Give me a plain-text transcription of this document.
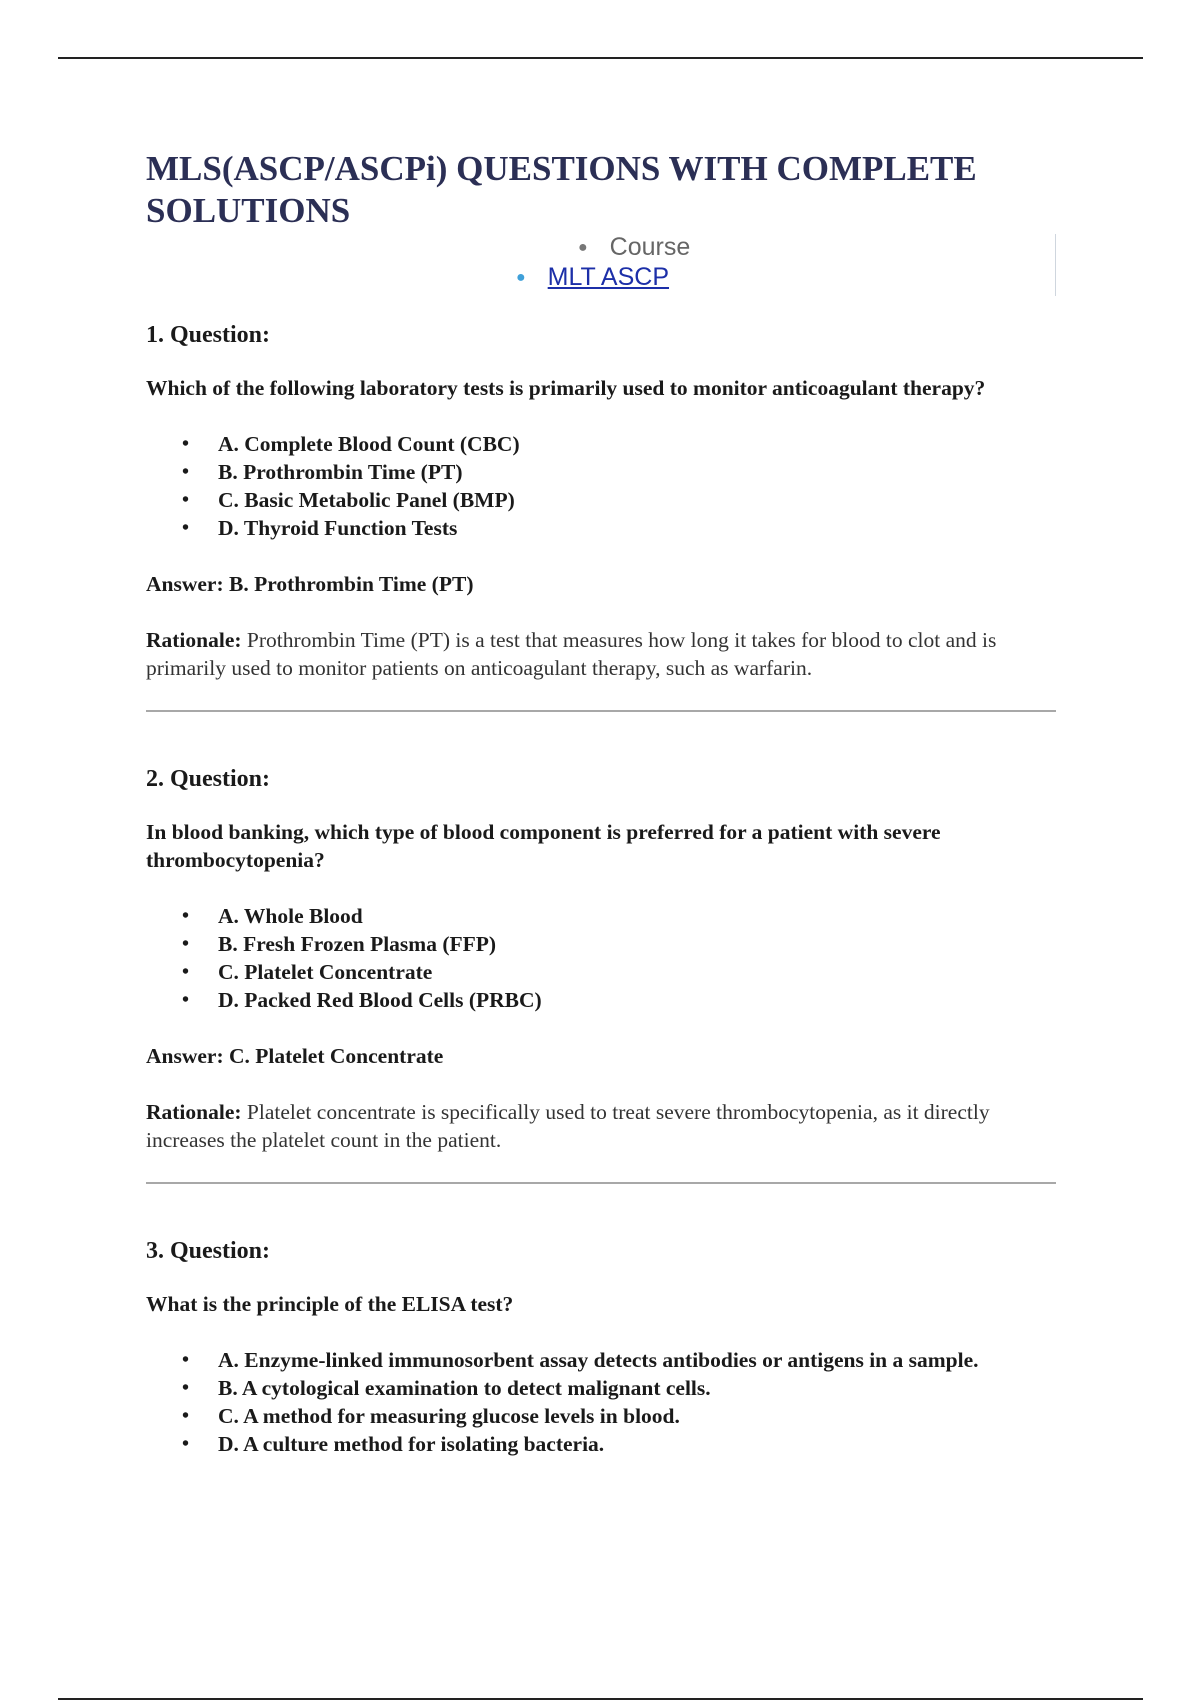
MLS(ASCP/ASCPi) QUESTIONS WITH COMPLETE SOLUTIONS
● Course
● MLT ASCP
1. Question:

Which of the following laboratory tests is primarily used to monitor anticoagulant therapy?

• A. Complete Blood Count (CBC)
• B. Prothrombin Time (PT)
• C. Basic Metabolic Panel (BMP)
• D. Thyroid Function Tests

Answer: B. Prothrombin Time (PT)

Rationale: Prothrombin Time (PT) is a test that measures how long it takes for blood to clot and is primarily used to monitor patients on anticoagulant therapy, such as warfarin.

2. Question:

In blood banking, which type of blood component is preferred for a patient with severe thrombocytopenia?

• A. Whole Blood
• B. Fresh Frozen Plasma (FFP)
• C. Platelet Concentrate
• D. Packed Red Blood Cells (PRBC)

Answer: C. Platelet Concentrate

Rationale: Platelet concentrate is specifically used to treat severe thrombocytopenia, as it directly increases the platelet count in the patient.

3. Question:

What is the principle of the ELISA test?

• A. Enzyme-linked immunosorbent assay detects antibodies or antigens in a sample.
• B. A cytological examination to detect malignant cells.
• C. A method for measuring glucose levels in blood.
• D. A culture method for isolating bacteria.
